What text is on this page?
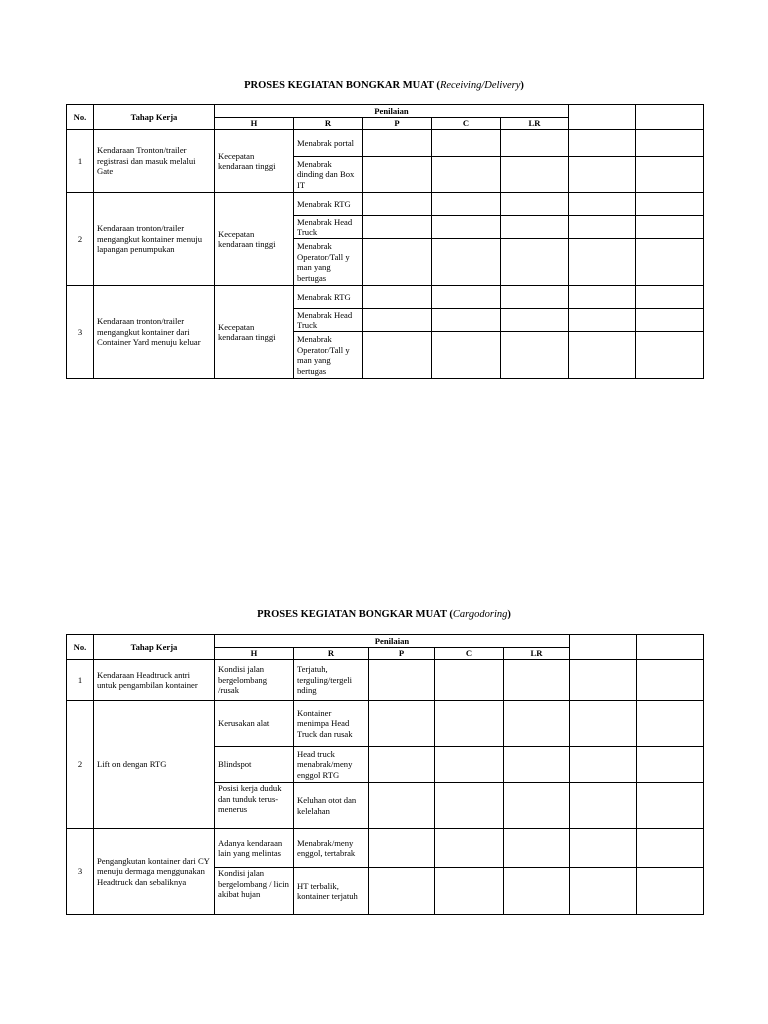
PROSES KEGIATAN BONGKAR MUAT (Receiving/Delivery)
No.	Tahap Kerja	Penilaian						
		H	R	P	C	LR		
1	Kendaraan Tronton/trailer registrasi dan masuk melalui Gate	Kecepatan kendaraan tinggi	Menabrak portal					
			Menabrak dinding dan Box IT					
2	Kendaraan tronton/trailer mengangkut kontainer menuju lapangan penumpukan	Kecepatan kendaraan tinggi	Menabrak RTG					
			Menabrak Head Truck					
			Menabrak Operator/Tall y man yang bertugas					
3	Kendaraan tronton/trailer mengangkut kontainer dari Container Yard menuju keluar	Kecepatan kendaraan tinggi	Menabrak RTG					
			Menabrak Head Truck					
			Menabrak Operator/Tall y man yang bertugas					
PROSES KEGIATAN BONGKAR MUAT (Cargodoring)
No.	Tahap Kerja	Penilaian						
		H	R	P	C	LR		
1	Kendaraan Headtruck antri untuk pengambilan kontainer	Kondisi jalan bergelombang /rusak	Terjatuh, terguling/tergeli nding					
2	Lift on dengan RTG	Kerusakan alat	Kontainer menimpa Head Truck dan rusak					
		Blindspot	Head truck menabrak/meny enggol RTG					
		Posisi kerja duduk dan tunduk terus-menerus	Keluhan otot dan kelelahan					
3	Pengangkutan kontainer dari CY menuju dermaga menggunakan Headtruck dan sebaliknya	Adanya kendaraan lain yang melintas	Menabrak/meny enggol, tertabrak					
		Kondisi jalan bergelombang / licin akibat hujan	HT terbalik, kontainer terjatuh					
